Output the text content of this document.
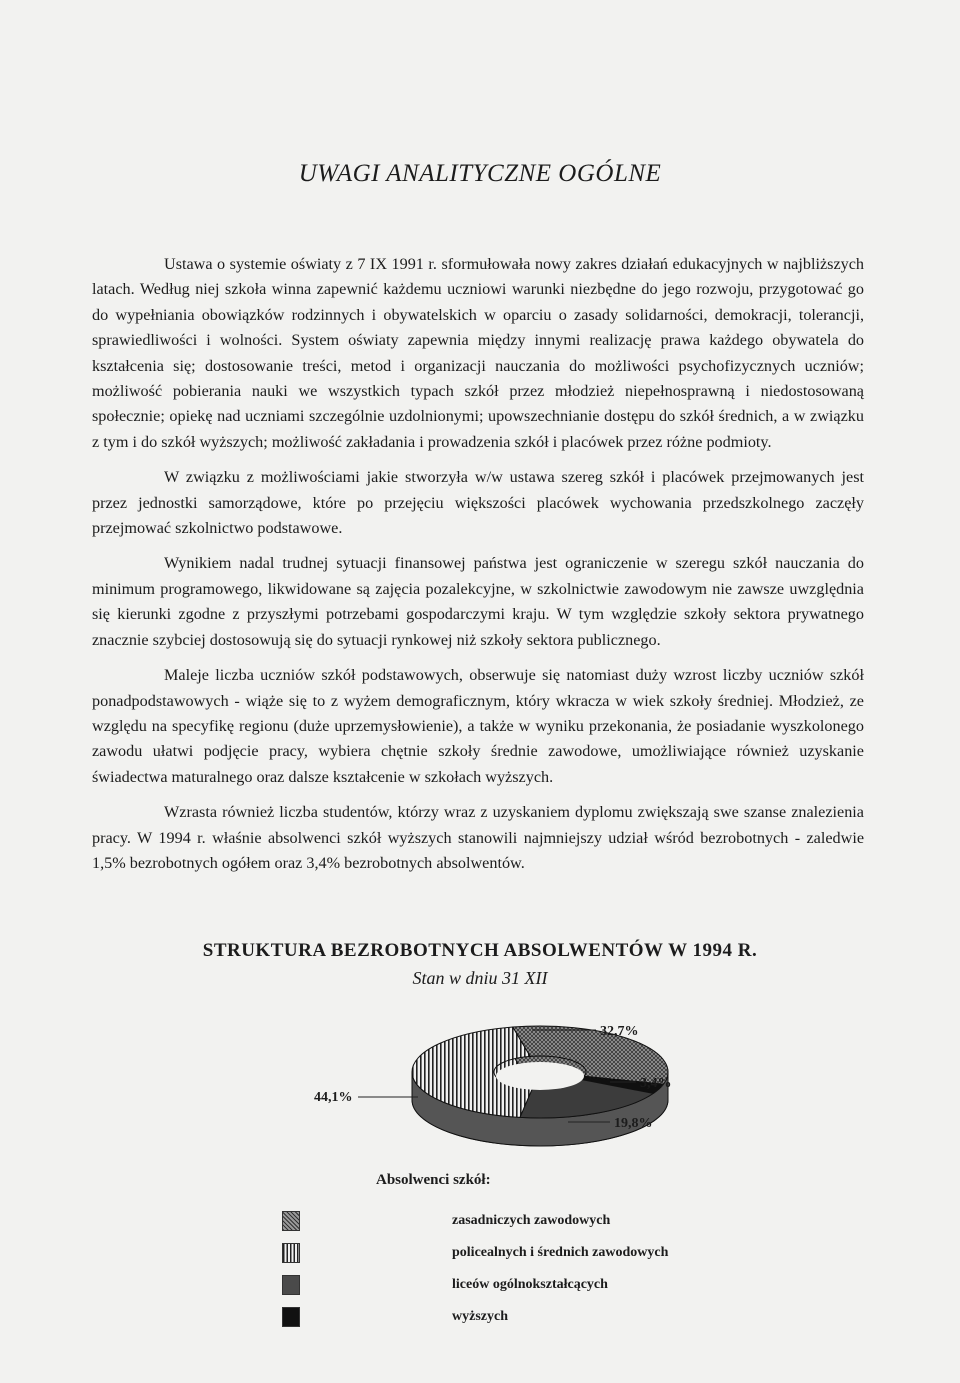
UWAGI ANALITYCZNE OGÓLNE

Ustawa o systemie oświaty z 7 IX 1991 r. sformułowała nowy zakres działań edukacyjnych w najbliższych latach. Według niej szkoła winna zapewnić każdemu uczniowi warunki niezbędne do jego rozwoju, przygotować go do wypełniania obowiązków rodzinnych i obywatelskich w oparciu o zasady solidarności, demokracji, tolerancji, sprawiedliwości i wolności. System oświaty zapewnia między innymi realizację prawa każdego obywatela do kształcenia się; dostosowanie treści, metod i organizacji nauczania do możliwości psychofizycznych uczniów; możliwość pobierania nauki we wszystkich typach szkół przez młodzież niepełnosprawną i niedostosowaną społecznie; opiekę nad uczniami szczególnie uzdolnionymi; upowszechnianie dostępu do szkół średnich, a w związku z tym i do szkół wyższych; możliwość zakładania i prowadzenia szkół i placówek przez różne podmioty.

W związku z możliwościami jakie stworzyła w/w ustawa szereg szkół i placówek przejmowanych jest przez jednostki samorządowe, które po przejęciu większości placówek wychowania przedszkolnego zaczęły przejmować szkolnictwo podstawowe.

Wynikiem nadal trudnej sytuacji finansowej państwa jest ograniczenie w szeregu szkół nauczania do minimum programowego, likwidowane są zajęcia pozalekcyjne, w szkolnictwie zawodowym nie zawsze uwzględnia się kierunki zgodne z przyszłymi potrzebami gospodarczymi kraju. W tym względzie szkoły sektora prywatnego znacznie szybciej dostosowują się do sytuacji rynkowej niż szkoły sektora publicznego.

Maleje liczba uczniów szkół podstawowych, obserwuje się natomiast duży wzrost liczby uczniów szkół ponadpodstawowych - wiąże się to z wyżem demograficznym, który wkracza w wiek szkoły średniej. Młodzież, ze względu na specyfikę regionu (duże uprzemysłowienie), a także w wyniku przekonania, że posiadanie wyszkolonego zawodu ułatwi podjęcie pracy, wybiera chętnie szkoły średnie zawodowe, umożliwiające również uzyskanie świadectwa maturalnego oraz dalsze kształcenie w szkołach wyższych.

Wzrasta również liczba studentów, którzy wraz z uzyskaniem dyplomu zwiększają swe szanse znalezienia pracy. W 1994 r. właśnie absolwenci szkół wyższych stanowili najmniejszy udział wśród bezrobotnych - zaledwie 1,5% bezrobotnych ogółem oraz 3,4% bezrobotnych absolwentów.

STRUKTURA BEZROBOTNYCH ABSOLWENTÓW W 1994 R.
Stan w dniu 31 XII
44,1%
32,7%
19,8%
3,4%
Absolwenci szkół:
zasadniczych zawodowych
policealnych i średnich zawodowych
liceów ogólnokształcących
wyższych
